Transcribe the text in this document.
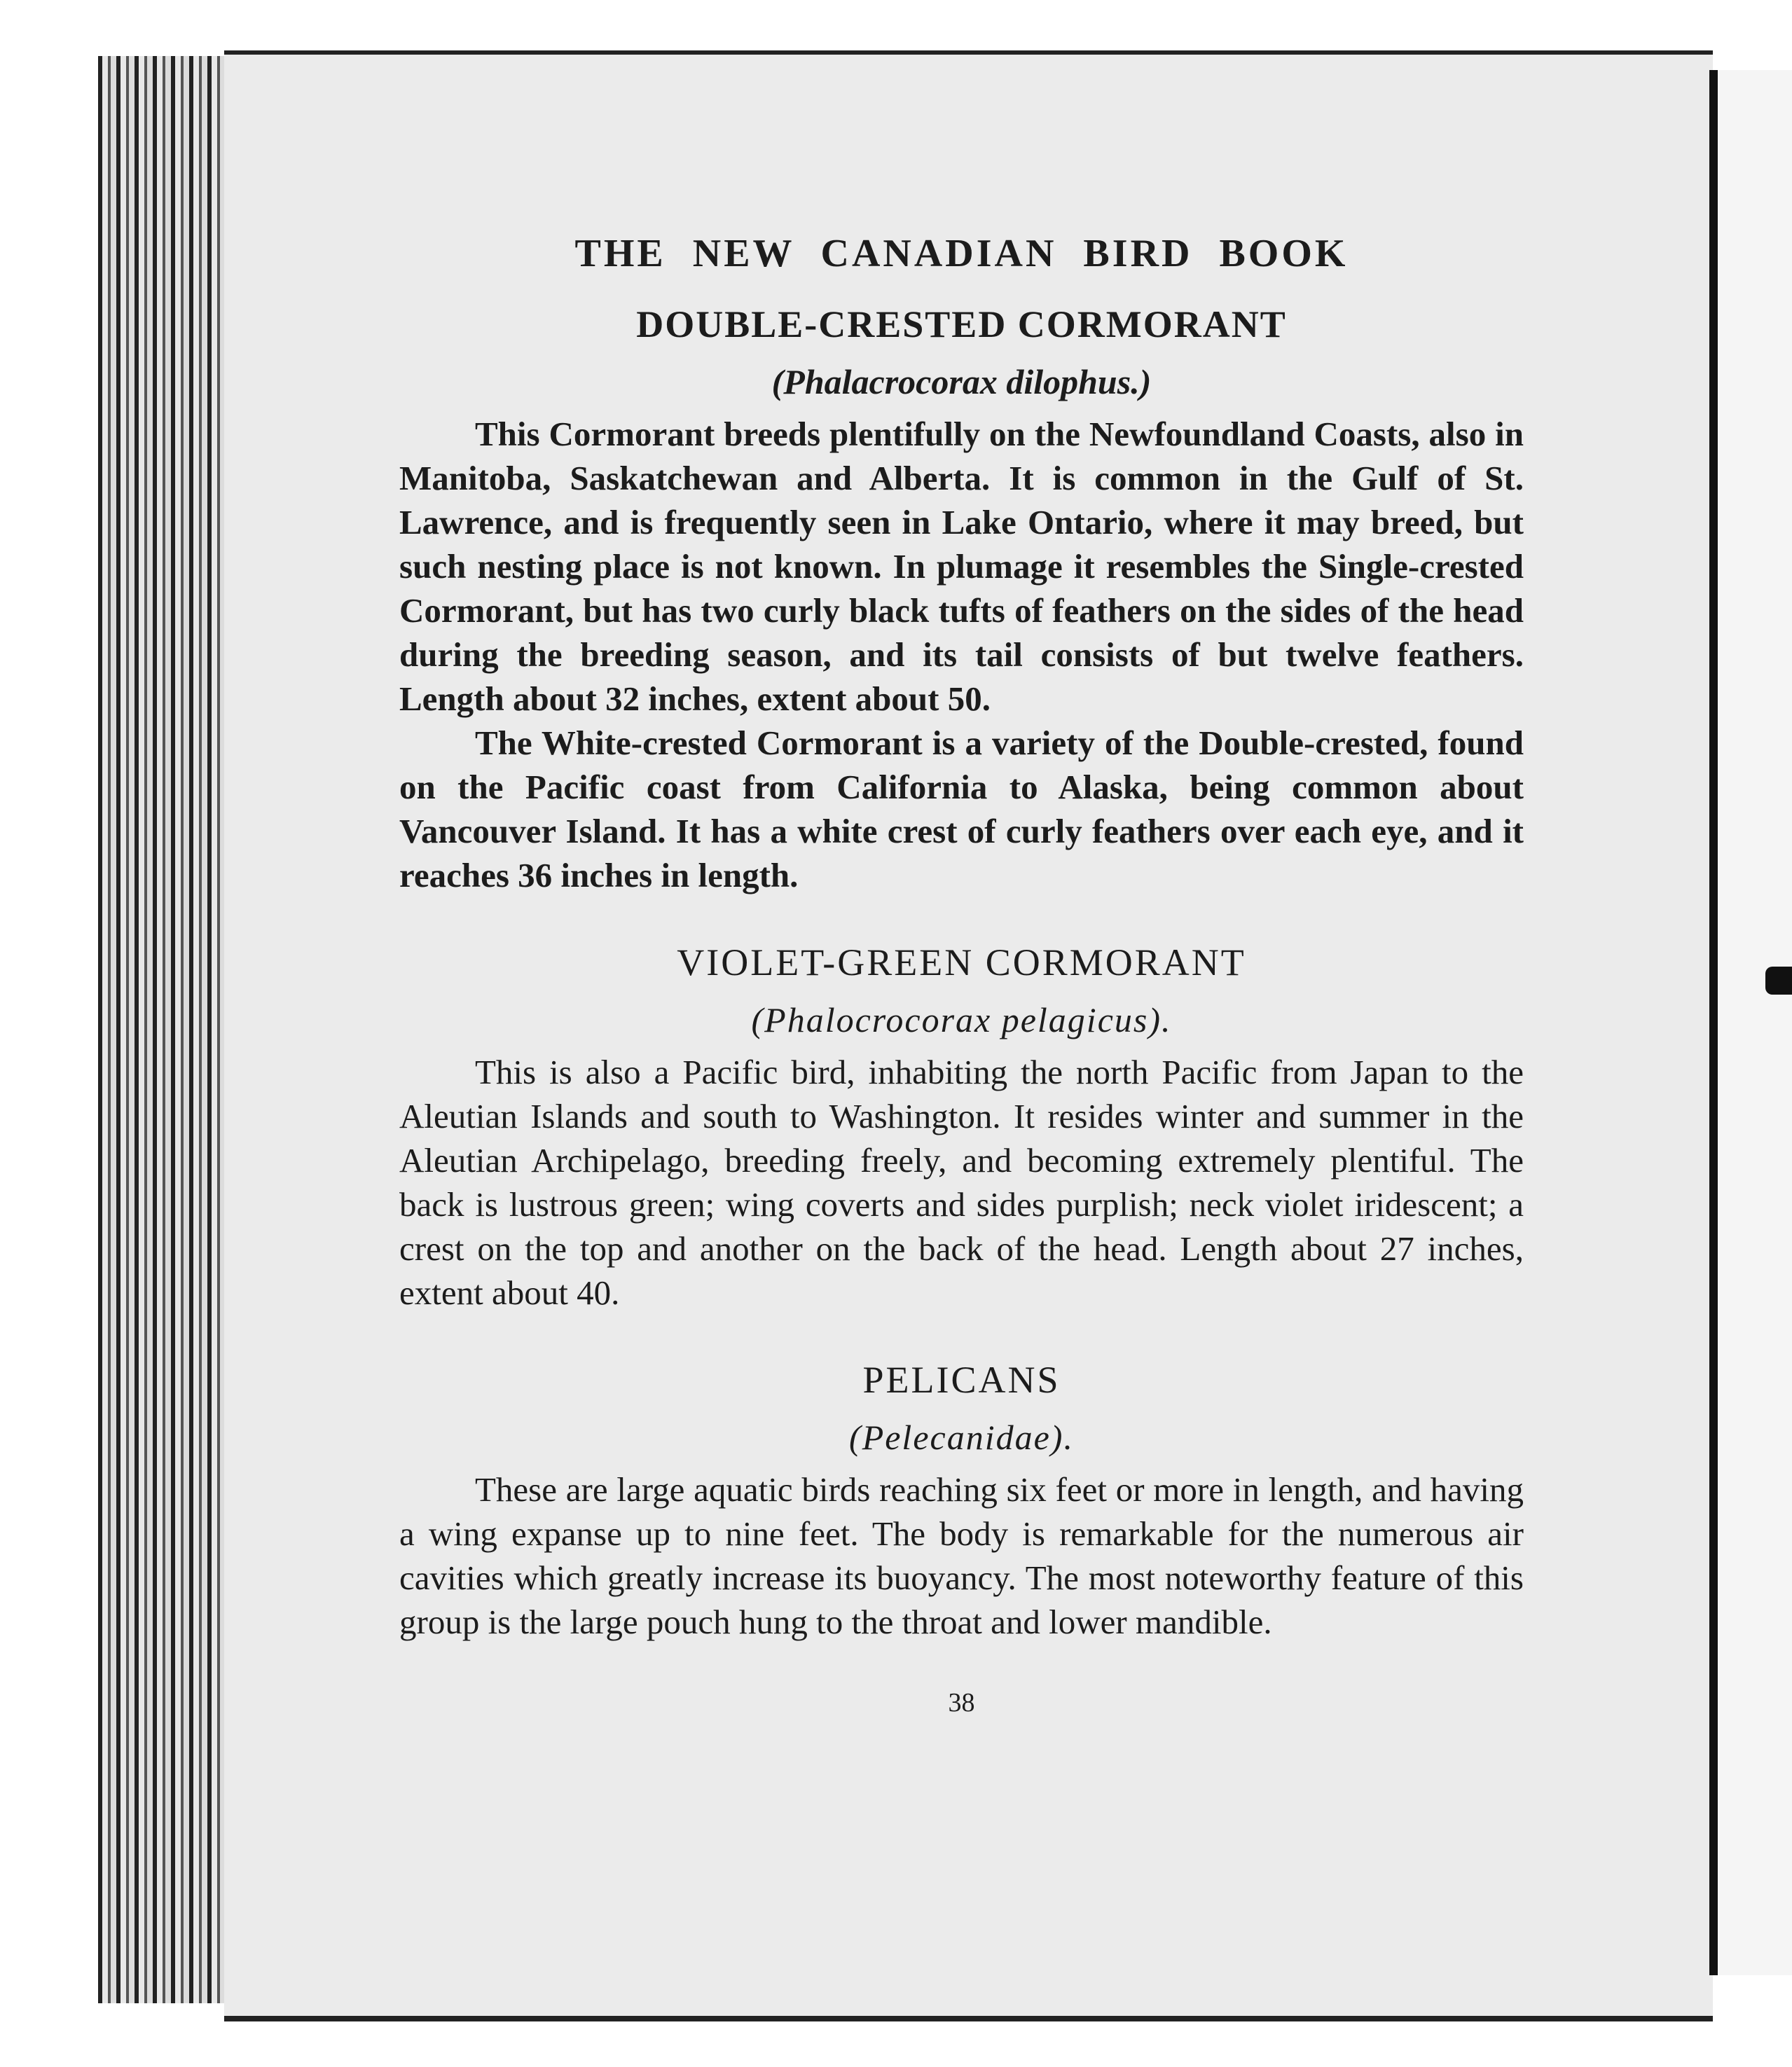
THE NEW CANADIAN BIRD BOOK
DOUBLE-CRESTED CORMORANT
(Phalacrocorax dilophus.)

This Cormorant breeds plentifully on the Newfoundland Coasts, also in Manitoba, Saskatchewan and Alberta. It is common in the Gulf of St. Lawrence, and is frequently seen in Lake Ontario, where it may breed, but such nesting place is not known. In plumage it resembles the Single-crested Cormorant, but has two curly black tufts of feathers on the sides of the head during the breeding season, and its tail consists of but twelve feathers. Length about 32 inches, extent about 50.

The White-crested Cormorant is a variety of the Double-crested, found on the Pacific coast from California to Alaska, being common about Vancouver Island. It has a white crest of curly feathers over each eye, and it reaches 36 inches in length.

VIOLET-GREEN CORMORANT
(Phalocrocorax pelagicus).

This is also a Pacific bird, inhabiting the north Pacific from Japan to the Aleutian Islands and south to Washington. It resides winter and summer in the Aleutian Archipelago, breeding freely, and becoming extremely plentiful. The back is lustrous green; wing coverts and sides purplish; neck violet iridescent; a crest on the top and another on the back of the head. Length about 27 inches, extent about 40.

PELICANS
(Pelecanidae).

These are large aquatic birds reaching six feet or more in length, and having a wing expanse up to nine feet. The body is remarkable for the numerous air cavities which greatly increase its buoyancy. The most noteworthy feature of this group is the large pouch hung to the throat and lower mandible.

38
